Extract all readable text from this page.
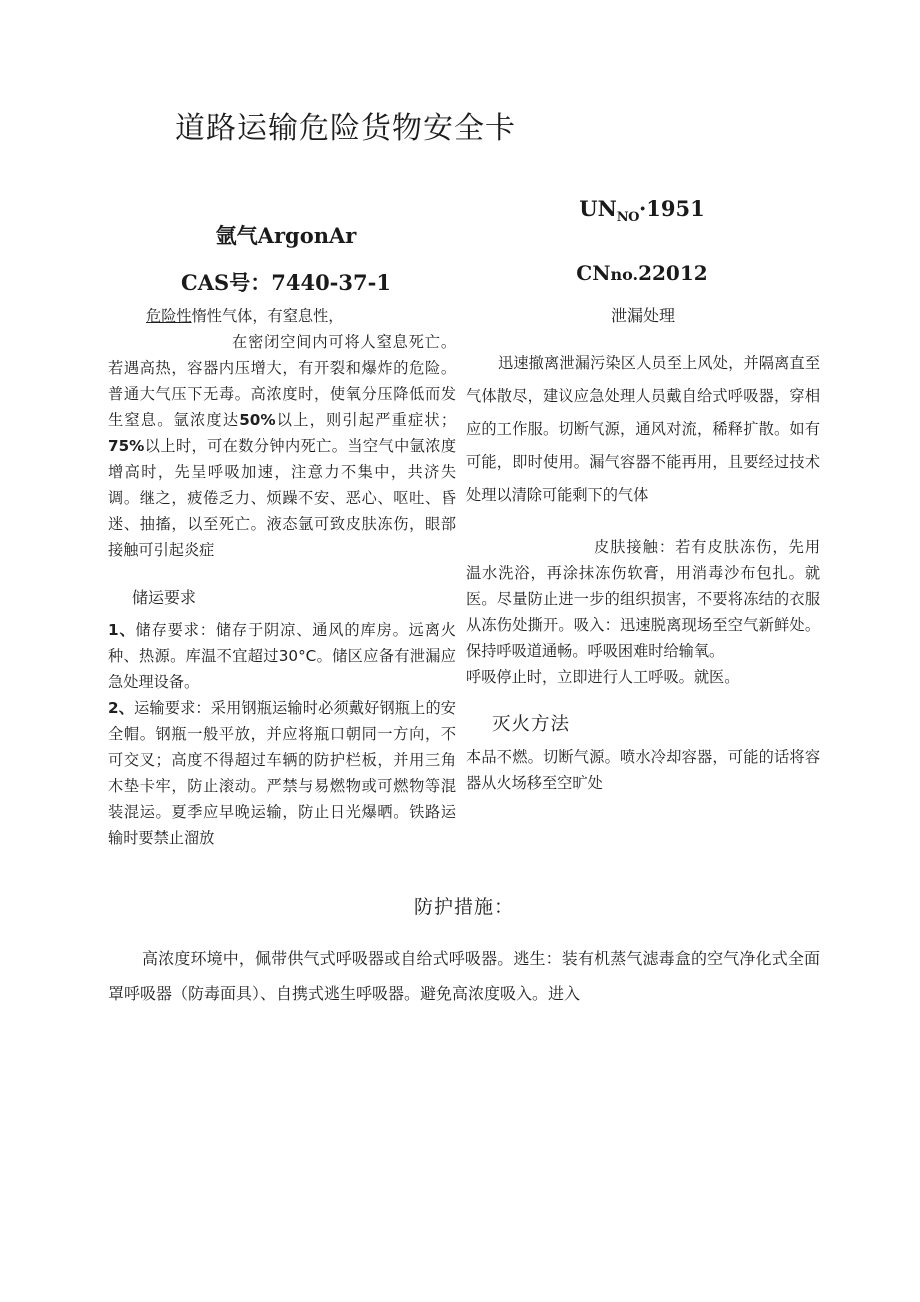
道路运输危险货物安全卡
氩气ArgonAr
CAS号：7440-37-1
$UN_{NO}\cdot 1951$
CNno.22012
危险性惰性气体，有窒息性，
在密闭空间内可将人窒息死亡。若遇高热，容器内压增大，有开裂和爆炸的危险。普通大气压下无毒。高浓度时，使氧分压降低而发生窒息。氩浓度达50%以上，则引起严重症状；75%以上时，可在数分钟内死亡。当空气中氩浓度增高时，先呈呼吸加速，注意力不集中，共济失调。继之，疲倦乏力、烦躁不安、恶心、呕吐、昏迷、抽搐，以至死亡。液态氩可致皮肤冻伤，眼部接触可引起炎症
储运要求
1、储存要求：储存于阴凉、通风的库房。远离火种、热源。库温不宜超过30°C。储区应备有泄漏应急处理设备。
2、运输要求：采用钢瓶运输时必须戴好钢瓶上的安全帽。钢瓶一般平放，并应将瓶口朝同一方向，不可交叉；高度不得超过车辆的防护栏板，并用三角木垫卡牢，防止滚动。严禁与易燃物或可燃物等混装混运。夏季应早晚运输，防止日光爆晒。铁路运输时要禁止溜放
泄漏处理
迅速撤离泄漏污染区人员至上风处，并隔离直至气体散尽，建议应急处理人员戴自给式呼吸器，穿相应的工作服。切断气源，通风对流，稀释扩散。如有可能，即时使用。漏气容器不能再用，且要经过技术处理以清除可能剩下的气体
皮肤接触：若有皮肤冻伤，先用温水洗浴，再涂抹冻伤软膏，用消毒沙布包扎。就医。尽量防止进一步的组织损害，不要将冻结的衣服从冻伤处撕开。吸入：迅速脱离现场至空气新鲜处。保持呼吸道通畅。呼吸困难时给输氧。
呼吸停止时，立即进行人工呼吸。就医。
灭火方法
本品不燃。切断气源。喷水冷却容器，可能的话将容器从火场移至空旷处
防护措施：
高浓度环境中，佩带供气式呼吸器或自给式呼吸器。逃生：装有机蒸气滤毒盒的空气净化式全面罩呼吸器（防毒面具）、自携式逃生呼吸器。避免高浓度吸入。进入
